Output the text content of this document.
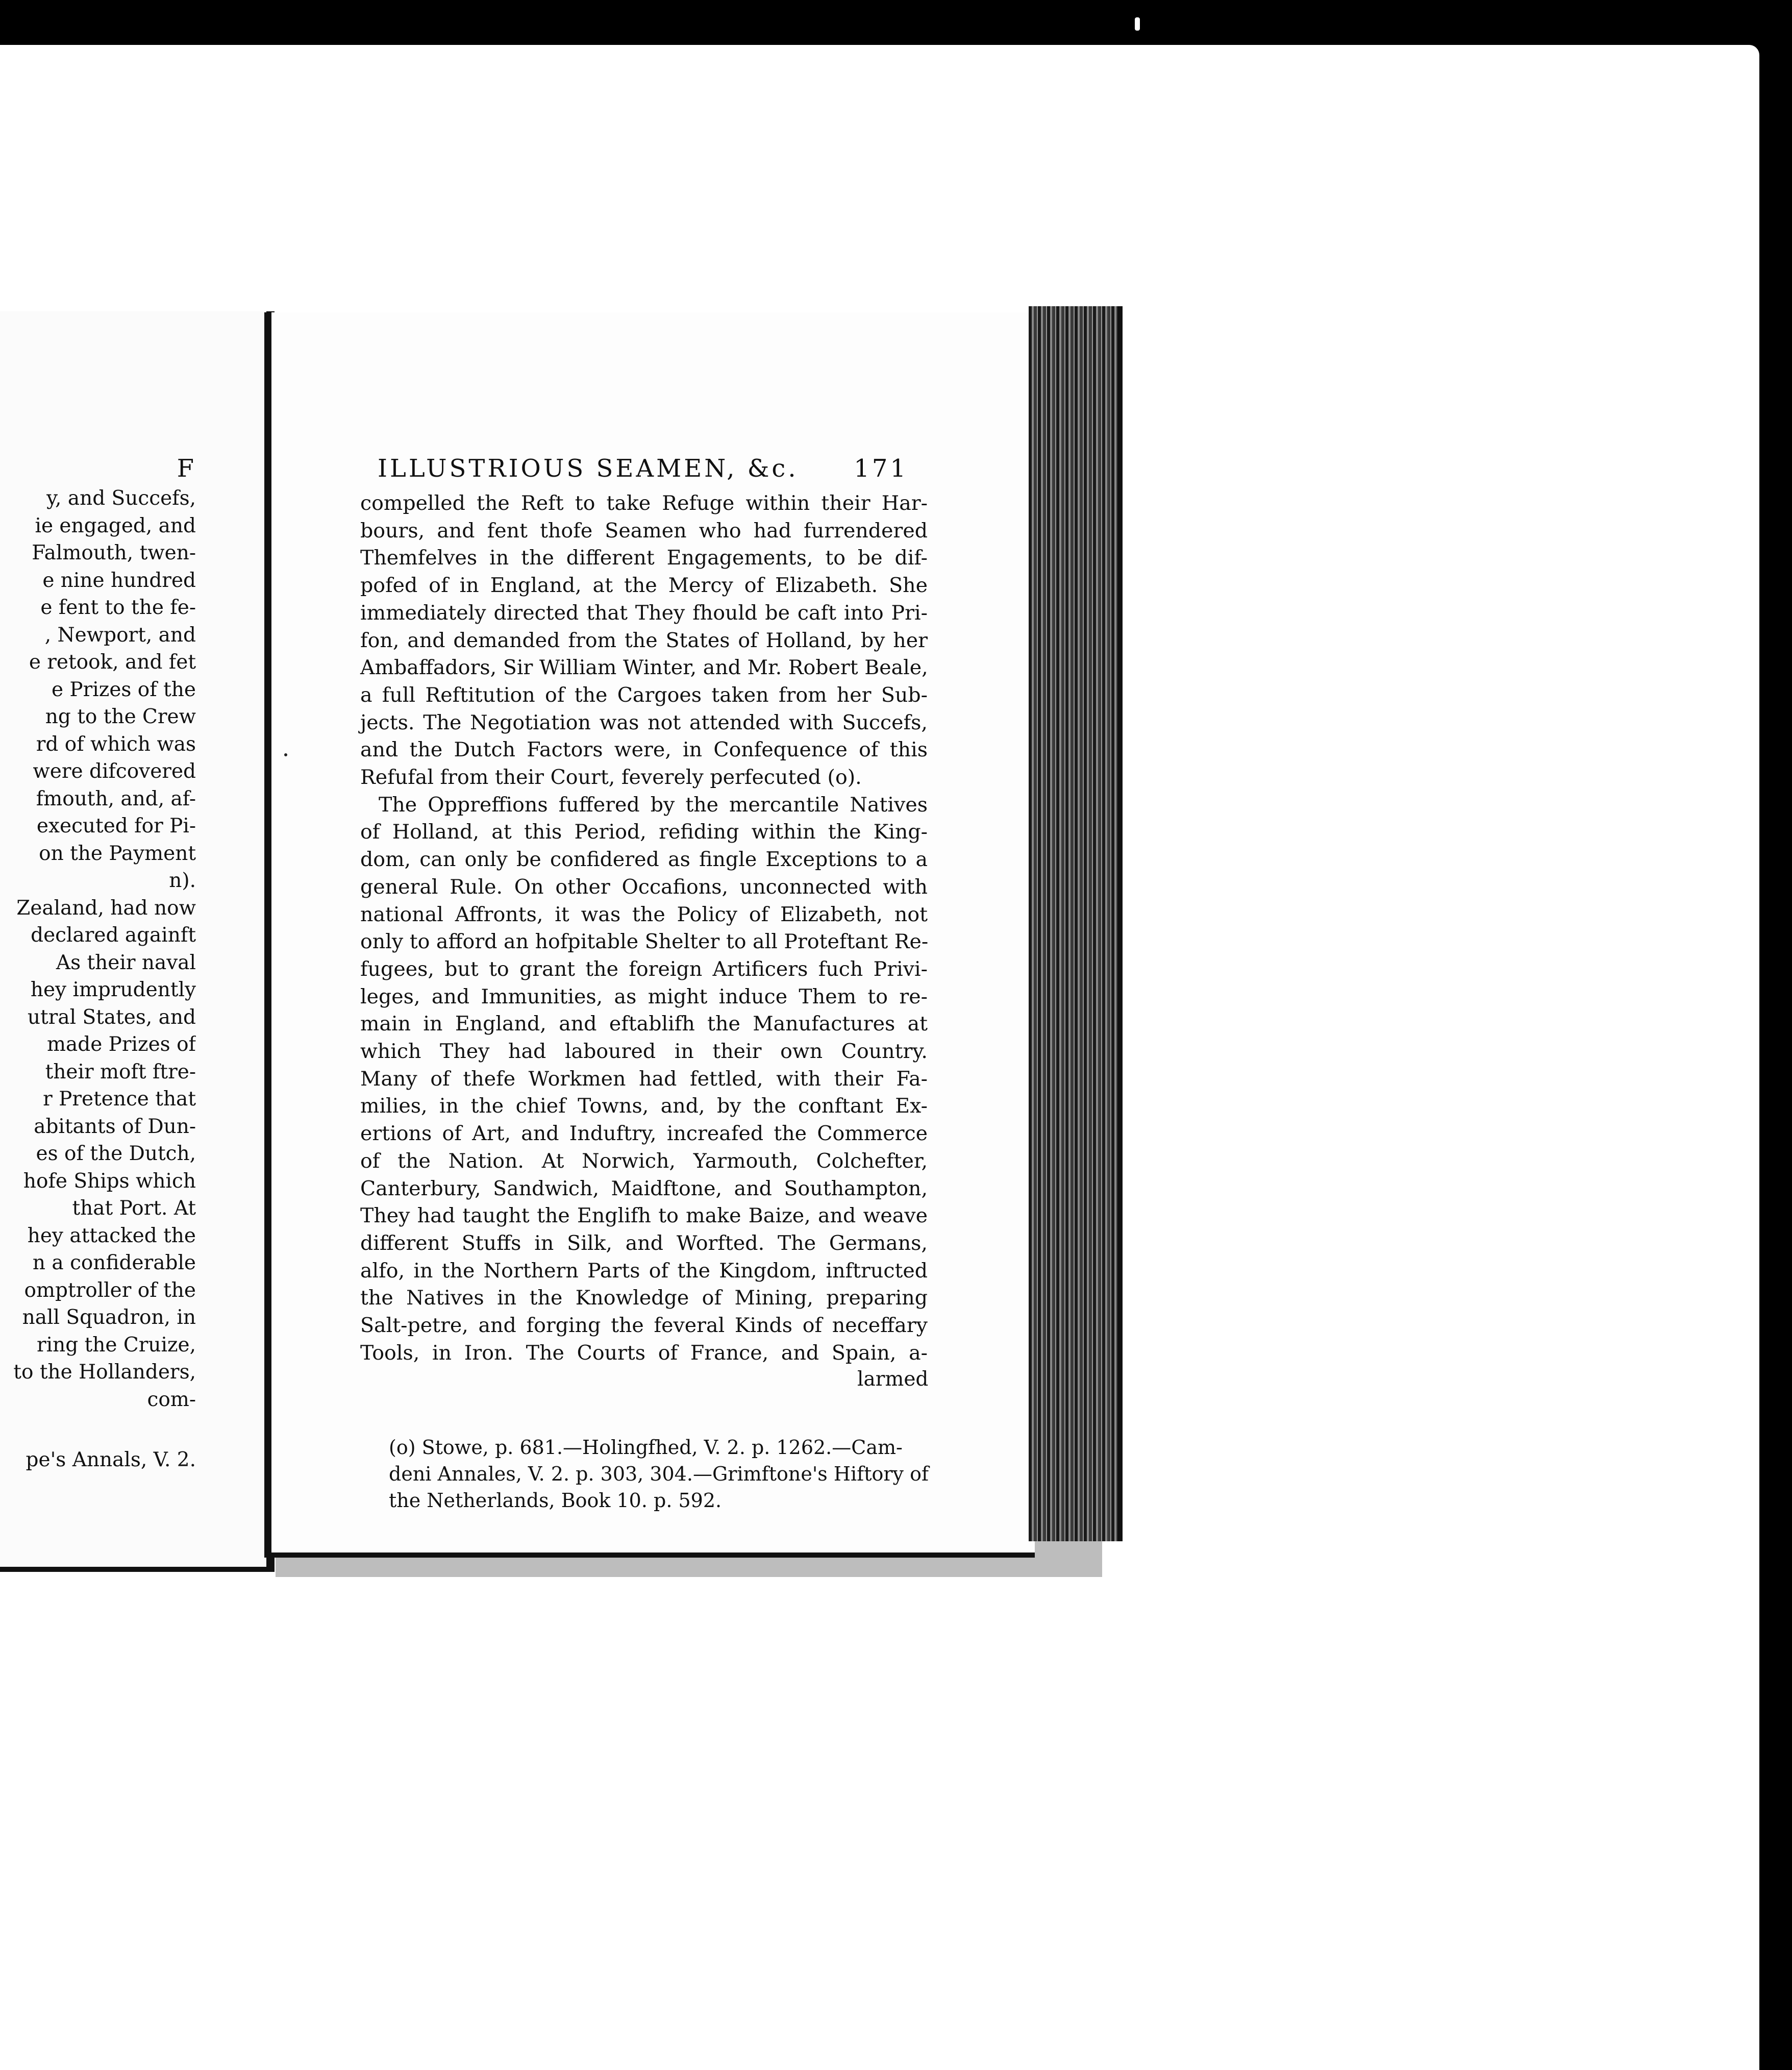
F
y, and Succefs,
ie engaged, and
Falmouth, twen-
e nine hundred
e fent to the fe-
, Newport, and
e retook, and fet
e Prizes of the
ng to the Crew
rd of which was
were difcovered
fmouth, and, af-
executed for Pi-
on the Payment
n).
Zealand, had now
declared againft
As their naval
hey imprudently
utral States, and
made Prizes of
their moft ftre-
r Pretence that
abitants of Dun-
es of the Dutch,
hofe Ships which
that Port. At
hey attacked the
n a confiderable
omptroller of the
nall Squadron, in
ring the Cruize,
to the Hollanders,
com-
pe's Annals, V. 2.
ILLUSTRIOUS SEAMEN, &c. 171
compelled the Reft to take Refuge within their Har-
bours, and fent thofe Seamen who had furrendered
Themfelves in the different Engagements, to be dif-
pofed of in England, at the Mercy of Elizabeth. She
immediately directed that They fhould be caft into Pri-
fon, and demanded from the States of Holland, by her
Ambaffadors, Sir William Winter, and Mr. Robert Beale,
a full Reftitution of the Cargoes taken from her Sub-
jects. The Negotiation was not attended with Succefs,
and the Dutch Factors were, in Confequence of this
Refufal from their Court, feverely perfecuted (o).
The Oppreffions fuffered by the mercantile Natives
of Holland, at this Period, refiding within the King-
dom, can only be confidered as fingle Exceptions to a
general Rule. On other Occafions, unconnected with
national Affronts, it was the Policy of Elizabeth, not
only to afford an hofpitable Shelter to all Proteftant Re-
fugees, but to grant the foreign Artificers fuch Privi-
leges, and Immunities, as might induce Them to re-
main in England, and eftablifh the Manufactures at
which They had laboured in their own Country.
Many of thefe Workmen had fettled, with their Fa-
milies, in the chief Towns, and, by the conftant Ex-
ertions of Art, and Induftry, increafed the Commerce
of the Nation. At Norwich, Yarmouth, Colchefter,
Canterbury, Sandwich, Maidftone, and Southampton,
They had taught the Englifh to make Baize, and weave
different Stuffs in Silk, and Worfted. The Germans,
alfo, in the Northern Parts of the Kingdom, inftructed
the Natives in the Knowledge of Mining, preparing
Salt-petre, and forging the feveral Kinds of neceffary
Tools, in Iron. The Courts of France, and Spain, a-
larmed
(o) Stowe, p. 681.—Holingfhed, V. 2. p. 1262.—Cam-
deni Annales, V. 2. p. 303, 304.—Grimftone's Hiftory of
the Netherlands, Book 10. p. 592.
